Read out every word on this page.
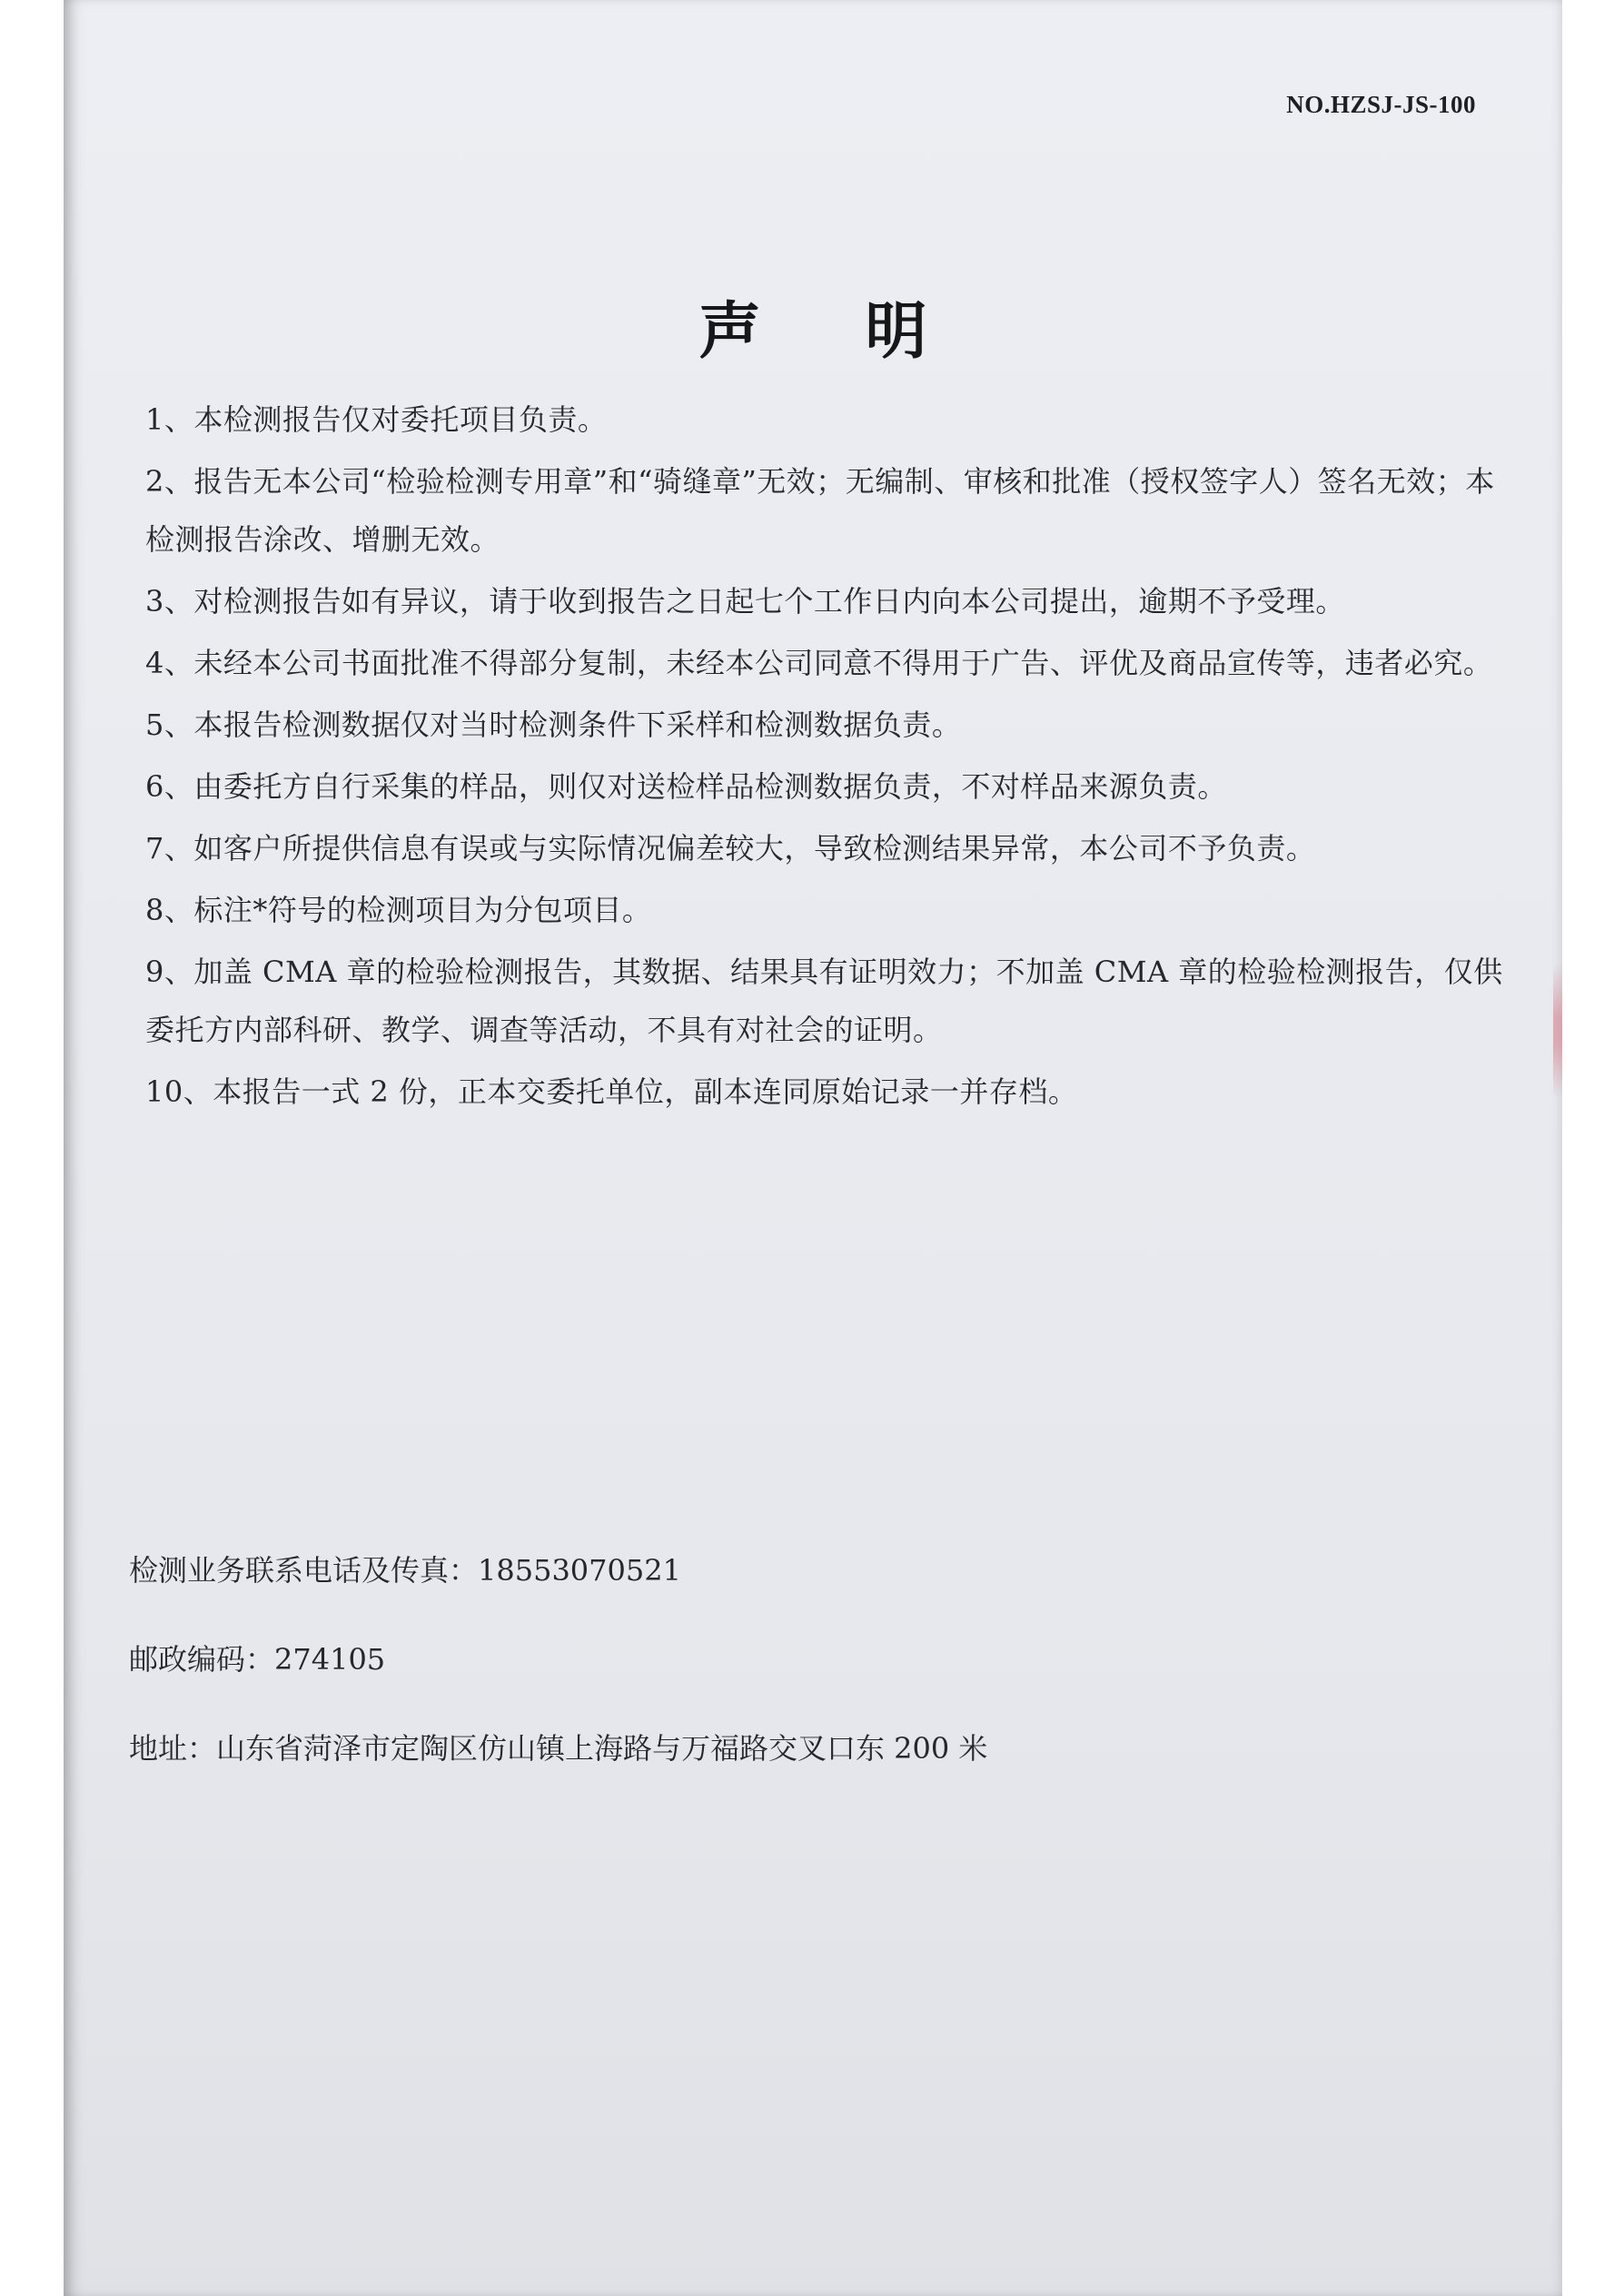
NO.HZSJ-JS-100
声明
1、本检测报告仅对委托项目负责。
2、报告无本公司“检验检测专用章”和“骑缝章”无效；无编制、审核和批准（授权签字人）签名无效；本检测报告涂改、增删无效。
3、对检测报告如有异议，请于收到报告之日起七个工作日内向本公司提出，逾期不予受理。
4、未经本公司书面批准不得部分复制，未经本公司同意不得用于广告、评优及商品宣传等，违者必究。
5、本报告检测数据仅对当时检测条件下采样和检测数据负责。
6、由委托方自行采集的样品，则仅对送检样品检测数据负责，不对样品来源负责。
7、如客户所提供信息有误或与实际情况偏差较大，导致检测结果异常，本公司不予负责。
8、标注*符号的检测项目为分包项目。
9、加盖 CMA 章的检验检测报告，其数据、结果具有证明效力；不加盖 CMA 章的检验检测报告，仅供委托方内部科研、教学、调查等活动，不具有对社会的证明。
10、本报告一式 2 份，正本交委托单位，副本连同原始记录一并存档。

检测业务联系电话及传真：18553070521

邮政编码：274105

地址：山东省菏泽市定陶区仿山镇上海路与万福路交叉口东 200 米
